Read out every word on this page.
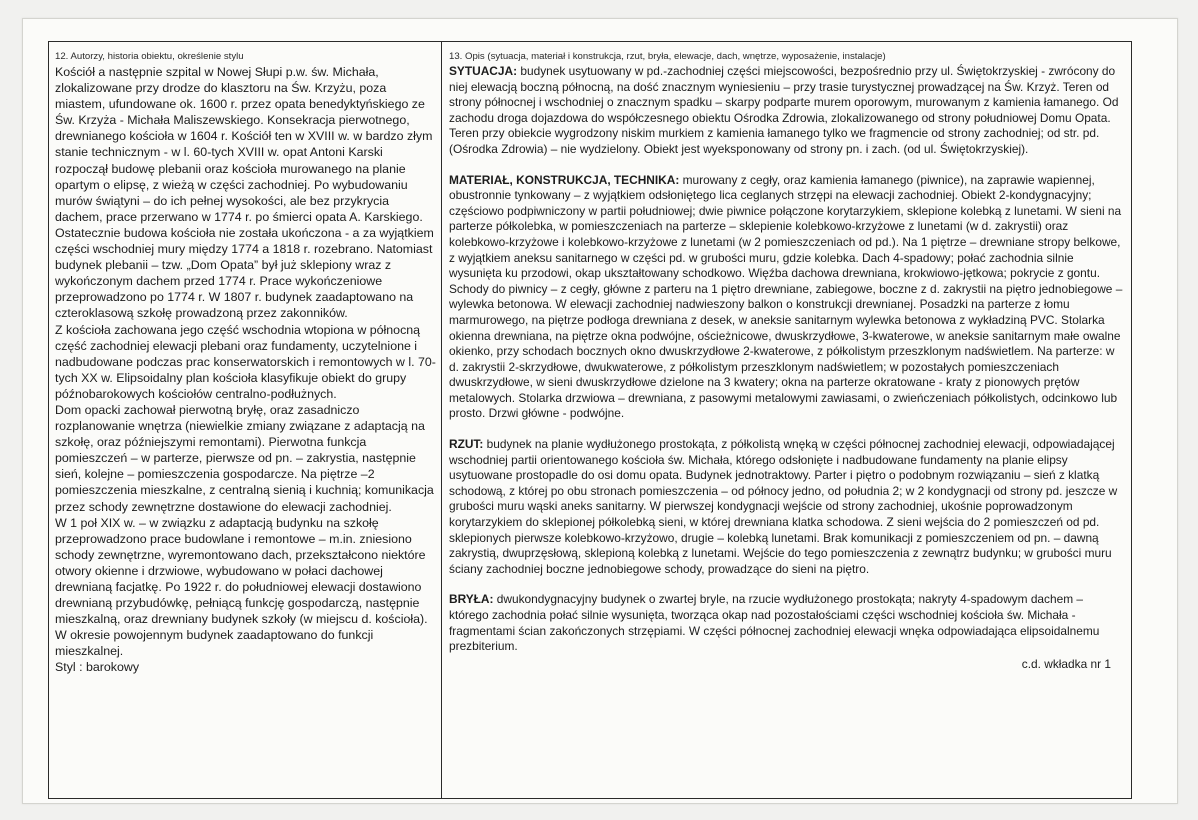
12. Autorzy, historia obiektu, określenie stylu

Kościół a następnie szpital w Nowej Słupi p.w. św. Michała, zlokalizowane przy drodze do klasztoru na Św. Krzyżu, poza miastem, ufundowane ok. 1600 r. przez opata benedyktyńskiego ze Św. Krzyża - Michała Maliszewskiego. Konsekracja pierwotnego, drewnianego kościoła w 1604 r. Kościół ten w XVIII w. w bardzo złym stanie technicznym - w l. 60-tych XVIII w. opat Antoni Karski rozpoczął budowę plebanii oraz kościoła murowanego na planie opartym o elipsę, z wieżą w części zachodniej. Po wybudowaniu murów świątyni – do ich pełnej wysokości, ale bez przykrycia dachem, prace przerwano w 1774 r. po śmierci opata A. Karskiego. Ostatecznie budowa kościoła nie została ukończona - a za wyjątkiem części wschodniej mury między 1774 a 1818 r. rozebrano. Natomiast budynek plebanii – tzw. „Dom Opata” był już sklepiony wraz z wykończonym dachem przed 1774 r. Prace wykończeniowe przeprowadzono po 1774 r. W 1807 r. budynek zaadaptowano na czteroklasową szkołę prowadzoną przez zakonników.

Z kościoła zachowana jego część wschodnia wtopiona w północną część zachodniej elewacji plebani oraz fundamenty, uczytelnione i nadbudowane podczas prac konserwatorskich i remontowych w l. 70-tych XX w. Elipsoidalny plan kościoła klasyfikuje obiekt do grupy późnobarokowych kościołów centralno-podłużnych.

Dom opacki zachował pierwotną bryłę, oraz zasadniczo rozplanowanie wnętrza (niewielkie zmiany związane z adaptacją na szkołę, oraz późniejszymi remontami). Pierwotna funkcja pomieszczeń – w parterze, pierwsze od pn. – zakrystia, następnie sień, kolejne – pomieszczenia gospodarcze. Na piętrze –2 pomieszczenia mieszkalne, z centralną sienią i kuchnią; komunikacja przez schody zewnętrzne dostawione do elewacji zachodniej.

W 1 poł XIX w. – w związku z adaptacją budynku na szkołę przeprowadzono prace budowlane i remontowe – m.in. zniesiono schody zewnętrzne, wyremontowano dach, przekształcono niektóre otwory okienne i drzwiowe, wybudowano w połaci dachowej drewnianą facjatkę. Po 1922 r. do południowej elewacji dostawiono drewnianą przybudówkę, pełniącą funkcję gospodarczą, następnie mieszkalną, oraz drewniany budynek szkoły (w miejscu d. kościoła). W okresie powojennym budynek zaadaptowano do funkcji mieszkalnej.

Styl : barokowy

13. Opis (sytuacja, materiał i konstrukcja, rzut, bryła, elewacje, dach, wnętrze, wyposażenie, instalacje)

SYTUACJA: budynek usytuowany w pd.-zachodniej części miejscowości, bezpośrednio przy ul. Świętokrzyskiej - zwrócony do niej elewacją boczną północną, na dość znacznym wyniesieniu – przy trasie turystycznej prowadzącej na Św. Krzyż. Teren od strony północnej i wschodniej o znacznym spadku – skarpy podparte murem oporowym, murowanym z kamienia łamanego. Od zachodu droga dojazdowa do współczesnego obiektu Ośrodka Zdrowia, zlokalizowanego od strony południowej Domu Opata. Teren przy obiekcie wygrodzony niskim murkiem z kamienia łamanego tylko we fragmencie od strony zachodniej; od str. pd. (Ośrodka Zdrowia) – nie wydzielony. Obiekt jest wyeksponowany od strony pn. i zach. (od ul. Świętokrzyskiej).

MATERIAŁ, KONSTRUKCJA, TECHNIKA: murowany z cegły, oraz kamienia łamanego (piwnice), na zaprawie wapiennej, obustronnie tynkowany – z wyjątkiem odsłoniętego lica ceglanych strzępi na elewacji zachodniej. Obiekt 2-kondygnacyjny; częściowo podpiwniczony w partii południowej; dwie piwnice połączone korytarzykiem, sklepione kolebką z lunetami. W sieni na parterze półkolebka, w pomieszczeniach na parterze – sklepienie kolebkowo-krzyżowe z lunetami (w d. zakrystii) oraz kolebkowo-krzyżowe i kolebkowo-krzyżowe z lunetami (w 2 pomieszczeniach od pd.). Na 1 piętrze – drewniane stropy belkowe, z wyjątkiem aneksu sanitarnego w części pd. w grubości muru, gdzie kolebka. Dach 4-spadowy; połać zachodnia silnie wysunięta ku przodowi, okap ukształtowany schodkowo. Więźba dachowa drewniana, krokwiowo-jętkowa; pokrycie z gontu. Schody do piwnicy – z cegły, główne z parteru na 1 piętro drewniane, zabiegowe, boczne z d. zakrystii na piętro jednobiegowe – wylewka betonowa. W elewacji zachodniej nadwieszony balkon o konstrukcji drewnianej. Posadzki na parterze z łomu marmurowego, na piętrze podłoga drewniana z desek, w aneksie sanitarnym wylewka betonowa z wykładziną PVC. Stolarka okienna drewniana, na piętrze okna podwójne, ościeżnicowe, dwuskrzydłowe, 3-kwaterowe, w aneksie sanitarnym małe owalne okienko, przy schodach bocznych okno dwuskrzydłowe 2-kwaterowe, z półkolistym przeszklonym nadświetlem. Na parterze: w d. zakrystii 2-skrzydłowe, dwukwaterowe, z półkolistym przeszklonym nadświetlem; w pozostałych pomieszczeniach dwuskrzydłowe, w sieni dwuskrzydłowe dzielone na 3 kwatery; okna na parterze okratowane - kraty z pionowych prętów metalowych. Stolarka drzwiowa – drewniana, z pasowymi metalowymi zawiasami, o zwieńczeniach półkolistych, odcinkowo lub prosto. Drzwi główne - podwójne.

RZUT: budynek na planie wydłużonego prostokąta, z półkolistą wnęką w części północnej zachodniej elewacji, odpowiadającej wschodniej partii orientowanego kościoła św. Michała, którego odsłonięte i nadbudowane fundamenty na planie elipsy usytuowane prostopadle do osi domu opata. Budynek jednotraktowy. Parter i piętro o podobnym rozwiązaniu – sień z klatką schodową, z której po obu stronach pomieszczenia – od północy jedno, od południa 2; w 2 kondygnacji od strony pd. jeszcze w grubości muru wąski aneks sanitarny. W pierwszej kondygnacji wejście od strony zachodniej, ukośnie poprowadzonym korytarzykiem do sklepionej półkolebką sieni, w której drewniana klatka schodowa. Z sieni wejścia do 2 pomieszczeń od pd. sklepionych pierwsze kolebkowo-krzyżowo, drugie – kolebką lunetami. Brak komunikacji z pomieszczeniem od pn. – dawną zakrystią, dwuprzęsłową, sklepioną kolebką z lunetami. Wejście do tego pomieszczenia z zewnątrz budynku; w grubości muru ściany zachodniej boczne jednobiegowe schody, prowadzące do sieni na piętro.

BRYŁA: dwukondygnacyjny budynek o zwartej bryle, na rzucie wydłużonego prostokąta; nakryty 4-spadowym dachem – którego zachodnia połać silnie wysunięta, tworząca okap nad pozostałościami części wschodniej kościoła św. Michała - fragmentami ścian zakończonych strzępiami. W części północnej zachodniej elewacji wnęka odpowiadająca elipsoidalnemu prezbiterium.

c.d. wkładka nr 1
